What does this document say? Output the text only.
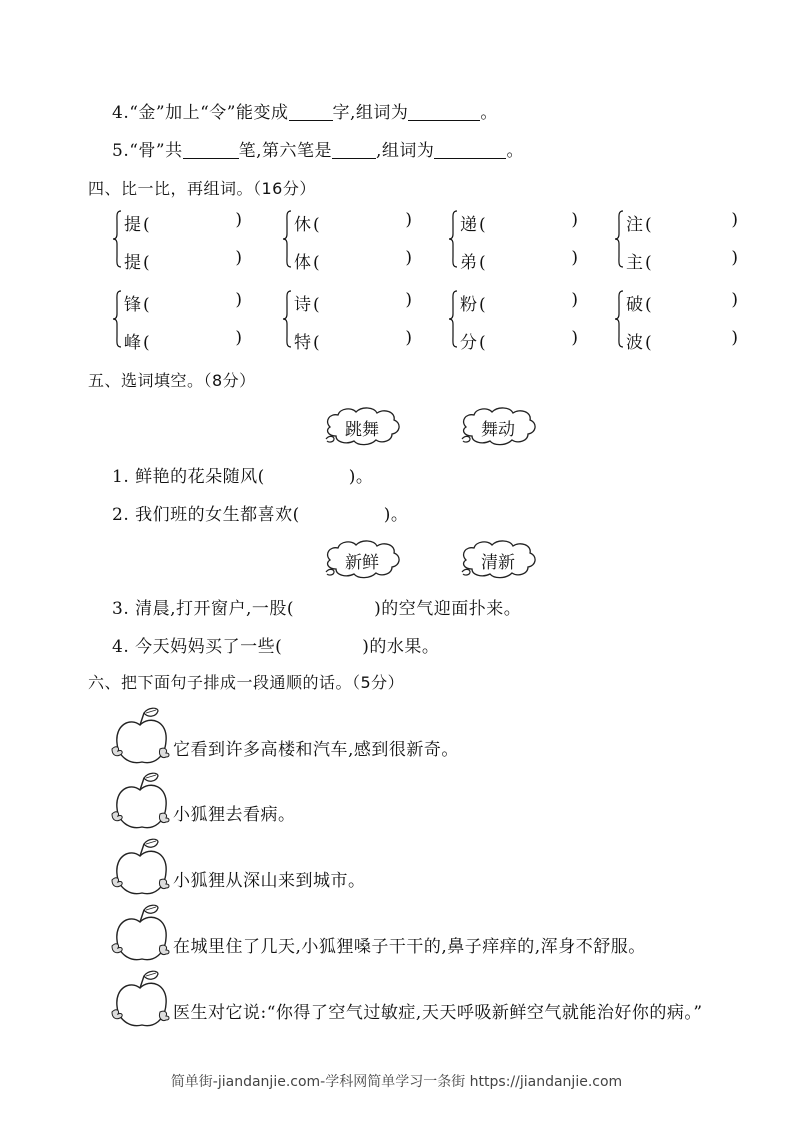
4.“金”加上“令”能变成	字,组词为	。
5.“骨”共	笔,第六笔是	,组词为	。
四、比一比，再组词。（16分）
提 (	)
提 (	)
休 (	)
体 (	)
递 (	)
弟 (	)
注 (	)
主 (	)
锋 (	)
峰 (	)
诗 (	)
特 (	)
粉 (	)
分 (	)
破 (	)
波 (	)
五、选词填空。（8分）
跳舞	舞动
1. 鲜艳的花朵随风(	)。
2. 我们班的女生都喜欢(	)。
新鲜	清新
3. 清晨,打开窗户,一股(	)的空气迎面扑来。
4. 今天妈妈买了一些(	)的水果。
六、把下面句子排成一段通顺的话。（5分）
它看到许多高楼和汽车,感到很新奇。
小狐狸去看病。
小狐狸从深山来到城市。
在城里住了几天,小狐狸嗓子干干的,鼻子痒痒的,浑身不舒服。
医生对它说:“你得了空气过敏症,天天呼吸新鲜空气就能治好你的病。”
简单街-jiandanjie.com-学科网简单学习一条街 https://jiandanjie.com
